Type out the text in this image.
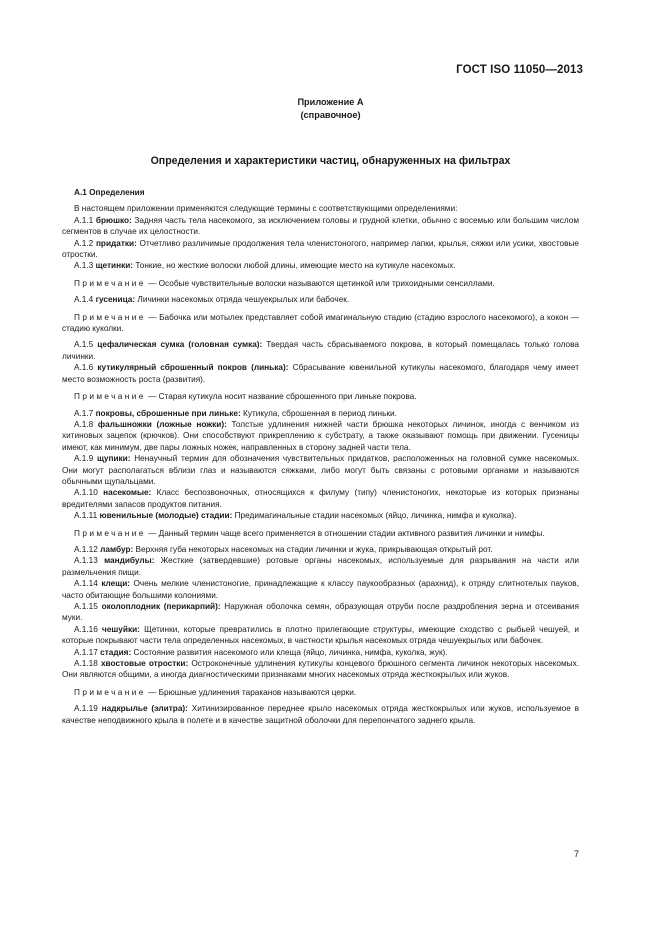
ГОСТ ISO 11050—2013
Приложение А
(справочное)
Определения и характеристики частиц, обнаруженных на фильтрах

А.1 Определения

В настоящем приложении применяются следующие термины с соответствующими определениями:

А.1.1 брюшко: Задняя часть тела насекомого, за исключением головы и грудной клетки, обычно с восемью или большим числом сегментов в случае их целостности.

А.1.2 придатки: Отчетливо различимые продолжения тела членистоногого, например лапки, крылья, сяжки или усики, хвостовые отростки.

А.1.3 щетинки: Тонкие, но жесткие волоски любой длины, имеющие место на кутикуле насекомых.

Примечание — Особые чувствительные волоски называются щетинкой или трихоидными сенсиллами.

А.1.4 гусеница: Личинки насекомых отряда чешуекрылых или бабочек.

Примечание — Бабочка или мотылек представляет собой имагинальную стадию (стадию взрослого насекомого), а кокон — стадию куколки.

А.1.5 цефалическая сумка (головная сумка): Твердая часть сбрасываемого покрова, в который помещалась только голова личинки.

А.1.6 кутикулярный сброшенный покров (линька): Сбрасывание ювенильной кутикулы насекомого, благодаря чему имеет место возможность роста (развития).

Примечание — Старая кутикула носит название сброшенного при линьке покрова.

А.1.7 покровы, сброшенные при линьке: Кутикула, сброшенная в период линьки.

А.1.8 фальшножки (ложные ножки): Толстые удлинения нижней части брюшка некоторых личинок, иногда с венчиком из хитиновых зацепок (крючков). Они способствуют прикреплению к субстрату, а также оказывают помощь при движении. Гусеницы имеют, как минимум, две пары ложных ножек, направленных в сторону задней части тела.

А.1.9 щупики: Ненаучный термин для обозначения чувствительных придатков, расположенных на головной сумке насекомых. Они могут располагаться вблизи глаз и называются сяжками, либо могут быть связаны с ротовыми органами и называются обычными щупальцами.

А.1.10 насекомые: Класс беспозвоночных, относящихся к филуму (типу) членистоногих, некоторые из которых признаны вредителями запасов продуктов питания.

А.1.11 ювенильные (молодые) стадии: Предимагинальные стадии насекомых (яйцо, личинка, нимфа и куколка).

Примечание — Данный термин чаще всего применяется в отношении стадии активного развития личинки и нимфы.

А.1.12 ламбур: Верхняя губа некоторых насекомых на стадии личинки и жука, прикрывающая открытый рот.

А.1.13 мандибулы: Жесткие (затвердевшие) ротовые органы насекомых, используемые для разрывания на части или размельчения пищи.

А.1.14 клещи: Очень мелкие членистоногие, принадлежащие к классу паукообразных (арахнид), к отряду слитнотелых пауков, часто обитающие большими колониями.

А.1.15 околоплодник (перикарпий): Наружная оболочка семян, образующая отруби после раздробления зерна и отсеивания муки.

А.1.16 чешуйки: Щетинки, которые превратились в плотно прилегающие структуры, имеющие сходство с рыбьей чешуей, и которые покрывают части тела определенных насекомых, в частности крылья насекомых отряда чешуекрылых или бабочек.

А.1.17 стадия: Состояние развития насекомого или клеща (яйцо, личинка, нимфа, куколка, жук).

А.1.18 хвостовые отростки: Остроконечные удлинения кутикулы концевого брюшного сегмента личинок некоторых насекомых. Они являются общими, а иногда диагностическими признаками многих насекомых отряда жесткокрылых или жуков.

Примечание — Брюшные удлинения тараканов называются церки.

А.1.19 надкрылье (элитра): Хитинизированное переднее крыло насекомых отряда жесткокрылых или жуков, используемое в качестве неподвижного крыла в полете и в качестве защитной оболочки для перепончатого заднего крыла.

7
